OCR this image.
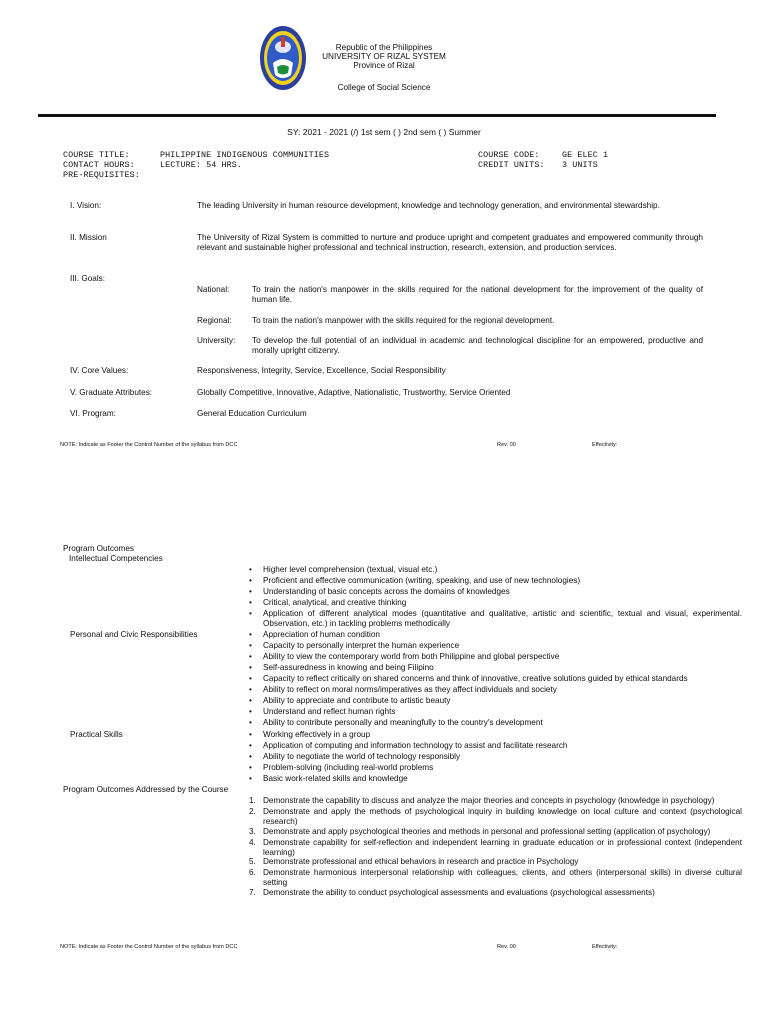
Republic of the Philippines
UNIVERSITY OF RIZAL SYSTEM
Province of Rizal
College of Social Science
SY: 2021 - 2021 (/) 1st sem ( ) 2nd sem ( ) Summer
COURSE TITLE:	PHILIPPINE INDIGENOUS COMMUNITIES	COURSE CODE:	GE ELEC 1
CONTACT HOURS:	LECTURE: 54 HRS.	CREDIT UNITS: 3 UNITS
PRE-REQUISITES:
I. Vision:	The leading University in human resource development, knowledge and technology generation, and environmental stewardship.
II. Mission	The University of Rizal System is committed to nurture and produce upright and competent graduates and empowered community through relevant and sustainable higher professional and technical instruction, research, extension, and production services.
III. Goals:
National:	To train the nation's manpower in the skills required for the national development for the improvement of the quality of human life.
Regional: To train the nation's manpower with the skills required for the regional development.
University: To develop the full potential of an individual in academic and technological discipline for an empowered, productive and morally upright citizenry.
IV. Core Values:	Responsiveness, Integrity, Service, Excellence, Social Responsibility
V. Graduate Attributes:	Globally Competitive, Innovative, Adaptive, Nationalistic, Trustworthy, Service Oriented
VI. Program:	General Education Curriculum
NOTE: Indicate as Footer the Control Number of the syllabus from DCC	Rev. 00	Effectivity:
Program Outcomes
Intellectual Competencies
• Higher level comprehension (textual, visual etc.)
• Proficient and effective communication (writing, speaking, and use of new technologies)
• Understanding of basic concepts across the domains of knowledges
• Critical, analytical, and creative thinking
• Application of different analytical modes (quantitative and qualitative, artistic and scientific, textual and visual, experimental. Observation, etc.) in tackling problems methodically
Personal and Civic Responsibilities	• Appreciation of human condition
• Capacity to personally interpret the human experience
• Ability to view the contemporary world from both Philippine and global perspective
• Self-assuredness in knowing and being Filipino
• Capacity to reflect critically on shared concerns and think of innovative, creative solutions guided by ethical standards
• Ability to reflect on moral norms/imperatives as they affect individuals and society
• Ability to appreciate and contribute to artistic beauty
• Understand and reflect human rights
• Ability to contribute personally and meaningfully to the country's development
Practical Skills	• Working effectively in a group
• Application of computing and information technology to assist and facilitate research
• Ability to negotiate the world of technology responsibly
• Problem-solving (including real-world problems
• Basic work-related skills and knowledge
Program Outcomes Addressed by the Course
1. Demonstrate the capability to discuss and analyze the major theories and concepts in psychology (knowledge in psychology)
2. Demonstrate and apply the methods of psychological inquiry in building knowledge on local culture and context (psychological research)
3. Demonstrate and apply psychological theories and methods in personal and professional setting (application of psychology)
4. Demonstrate capability for self-reflection and independent learning in graduate education or in professional context (independent learning)
5. Demonstrate professional and ethical behaviors in research and practice in Psychology
6. Demonstrate harmonious interpersonal relationship with colleagues, clients, and others (interpersonal skills) in diverse cultural setting
7. Demonstrate the ability to conduct psychological assessments and evaluations (psychological assessments)
NOTE: Indicate as Footer the Control Number of the syllabus from DCC	Rev. 00	Effectivity:
